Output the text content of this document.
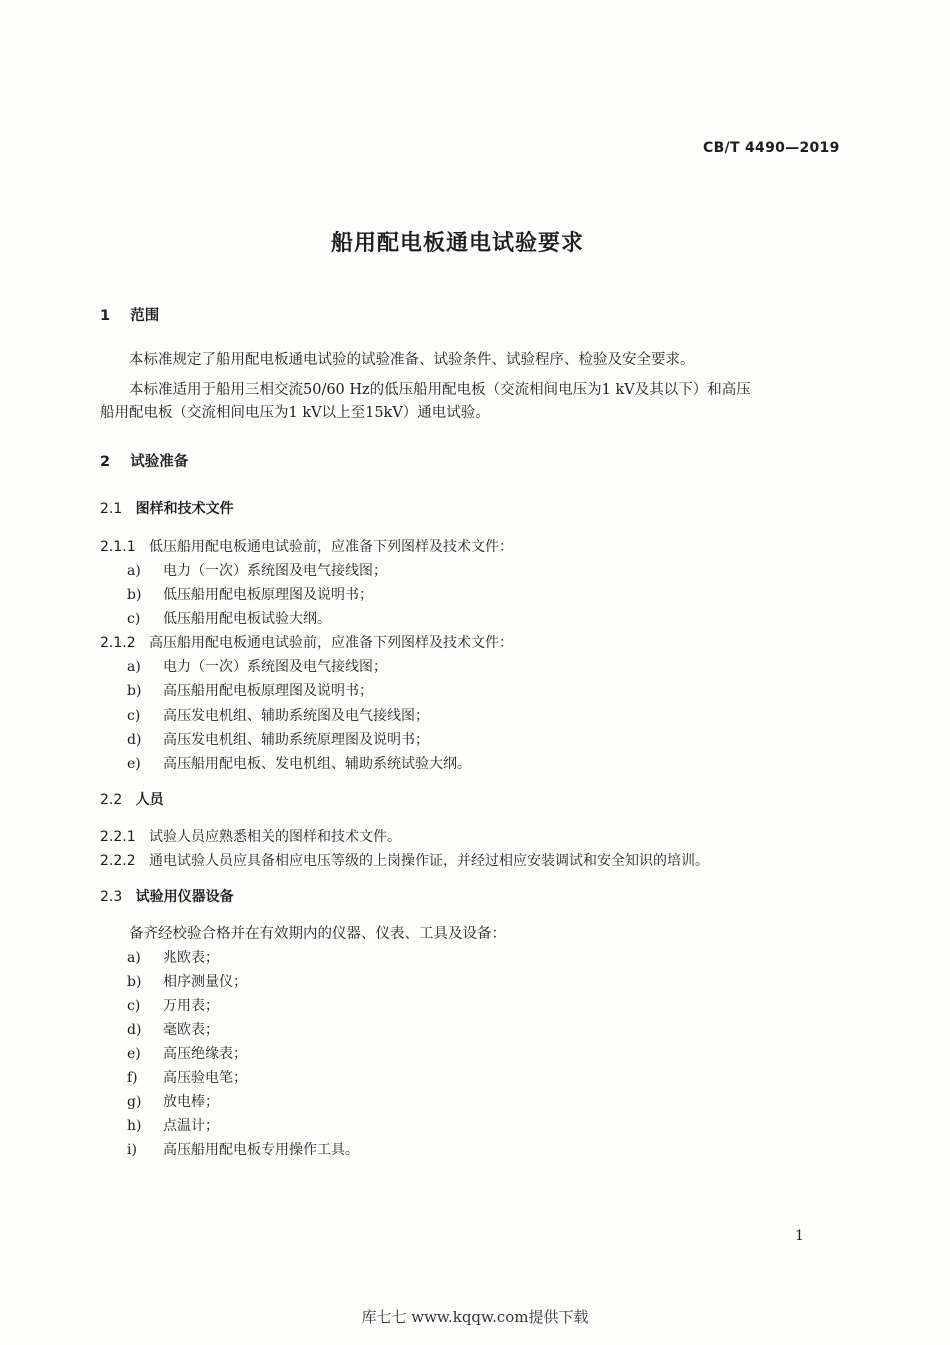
CB/T 4490—2019
船用配电板通电试验要求
1 范围
本标准规定了船用配电板通电试验的试验准备、试验条件、试验程序、检验及安全要求。
本标准适用于船用三相交流50/60 Hz的低压船用配电板（交流相间电压为1 kV及其以下）和高压
船用配电板（交流相间电压为1 kV以上至15kV）通电试验。
2 试验准备
2.1 图样和技术文件
2.1.1 低压船用配电板通电试验前，应准备下列图样及技术文件：
a) 电力（一次）系统图及电气接线图；
b) 低压船用配电板原理图及说明书；
c) 低压船用配电板试验大纲。
2.1.2 高压船用配电板通电试验前，应准备下列图样及技术文件：
a) 电力（一次）系统图及电气接线图；
b) 高压船用配电板原理图及说明书；
c) 高压发电机组、辅助系统图及电气接线图；
d) 高压发电机组、辅助系统原理图及说明书；
e) 高压船用配电板、发电机组、辅助系统试验大纲。
2.2 人员
2.2.1 试验人员应熟悉相关的图样和技术文件。
2.2.2 通电试验人员应具备相应电压等级的上岗操作证，并经过相应安装调试和安全知识的培训。
2.3 试验用仪器设备
备齐经校验合格并在有效期内的仪器、仪表、工具及设备：
a) 兆欧表；
b) 相序测量仪；
c) 万用表；
d) 毫欧表；
e) 高压绝缘表；
f) 高压验电笔；
g) 放电棒；
h) 点温计；
i) 高压船用配电板专用操作工具。
1
库七七 www.kqqw.com提供下载
